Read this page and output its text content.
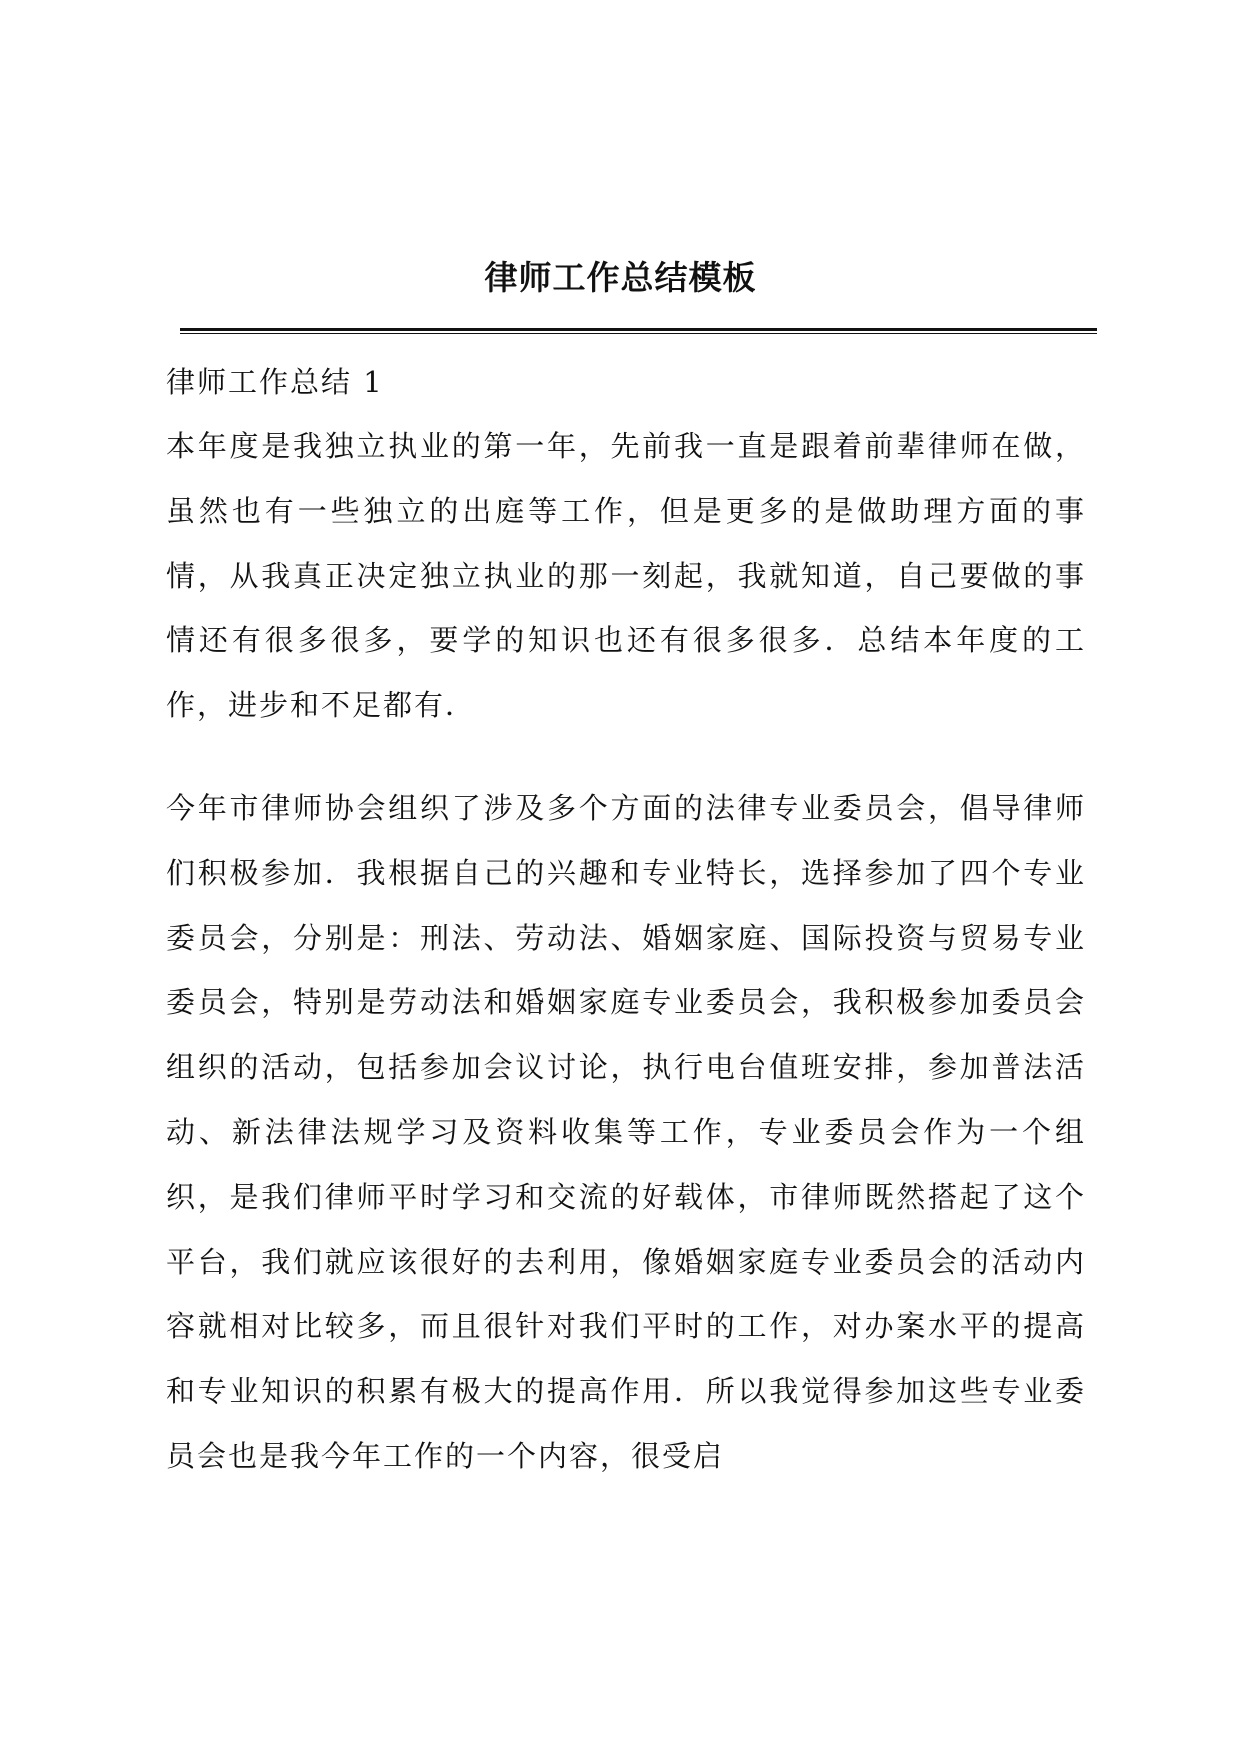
律师工作总结模板

律师工作总结 1

本年度是我独立执业的第一年，先前我一直是跟着前辈律师在做，虽然也有一些独立的出庭等工作，但是更多的是做助理方面的事情，从我真正决定独立执业的那一刻起，我就知道，自己要做的事情还有很多很多，要学的知识也还有很多很多．总结本年度的工作，进步和不足都有．

今年市律师协会组织了涉及多个方面的法律专业委员会，倡导律师们积极参加．我根据自己的兴趣和专业特长，选择参加了四个专业委员会，分别是：刑法、劳动法、婚姻家庭、国际投资与贸易专业委员会，特别是劳动法和婚姻家庭专业委员会，我积极参加委员会组织的活动，包括参加会议讨论，执行电台值班安排，参加普法活动、新法律法规学习及资料收集等工作，专业委员会作为一个组织，是我们律师平时学习和交流的好载体，市律师既然搭起了这个平台，我们就应该很好的去利用，像婚姻家庭专业委员会的活动内容就相对比较多，而且很针对我们平时的工作，对办案水平的提高和专业知识的积累有极大的提高作用．所以我觉得参加这些专业委员会也是我今年工作的一个内容，很受启
